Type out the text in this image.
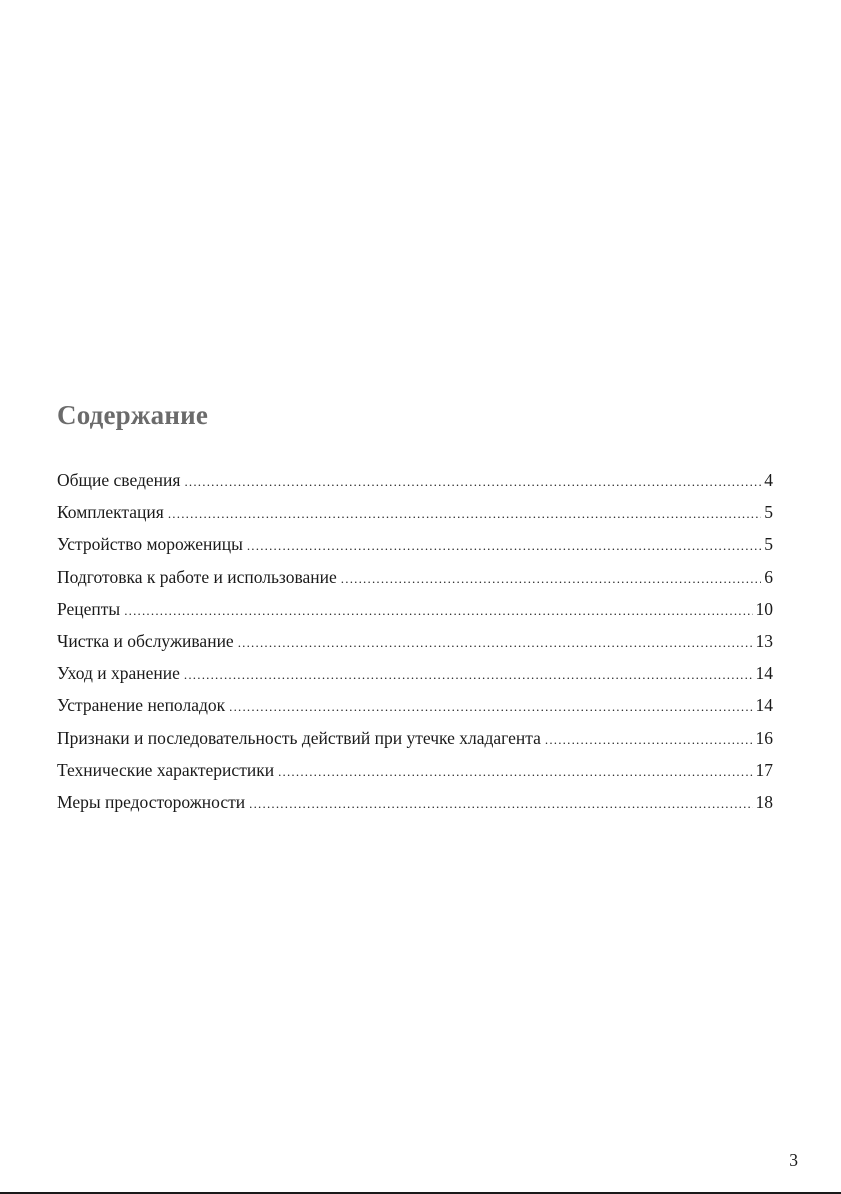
Содержание
Общие сведения .....	4
Комплектация .....	5
Устройство мороженицы .....	5
Подготовка к работе и использование .....	6
Рецепты .....	10
Чистка и обслуживание .....	13
Уход и хранение .....	14
Устранение неполадок .....	14
Признаки и последовательность действий при утечке хладагента .....	16
Технические характеристики .....	17
Меры предосторожности .....	18
3
